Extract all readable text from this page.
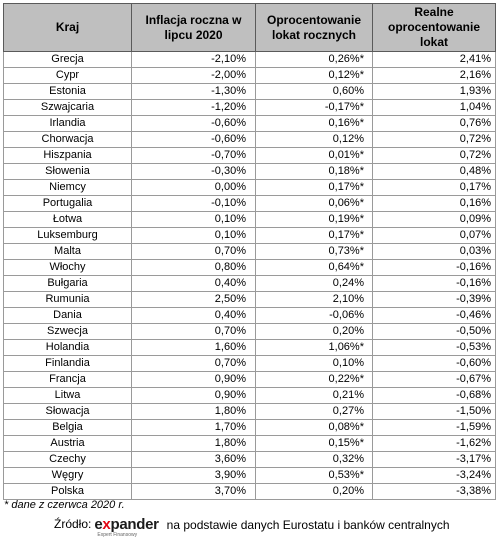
Kraj	Inflacja roczna w lipcu 2020	Oprocentowanie lokat rocznych	Realne oprocentowanie lokat
Grecja	-2,10%	0,26%*	2,41%
Cypr	-2,00%	0,12%*	2,16%
Estonia	-1,30%	0,60%	1,93%
Szwajcaria	-1,20%	-0,17%*	1,04%
Irlandia	-0,60%	0,16%*	0,76%
Chorwacja	-0,60%	0,12%	0,72%
Hiszpania	-0,70%	0,01%*	0,72%
Słowenia	-0,30%	0,18%*	0,48%
Niemcy	0,00%	0,17%*	0,17%
Portugalia	-0,10%	0,06%*	0,16%
Łotwa	0,10%	0,19%*	0,09%
Luksemburg	0,10%	0,17%*	0,07%
Malta	0,70%	0,73%*	0,03%
Włochy	0,80%	0,64%*	-0,16%
Bułgaria	0,40%	0,24%	-0,16%
Rumunia	2,50%	2,10%	-0,39%
Dania	0,40%	-0,06%	-0,46%
Szwecja	0,70%	0,20%	-0,50%
Holandia	1,60%	1,06%*	-0,53%
Finlandia	0,70%	0,10%	-0,60%
Francja	0,90%	0,22%*	-0,67%
Litwa	0,90%	0,21%	-0,68%
Słowacja	1,80%	0,27%	-1,50%
Belgia	1,70%	0,08%*	-1,59%
Austria	1,80%	0,15%*	-1,62%
Czechy	3,60%	0,32%	-3,17%
Węgry	3,90%	0,53%*	-3,24%
Polska	3,70%	0,20%	-3,38%
* dane z czerwca 2020 r.
Źródło: expander
Expert Finansowy
na podstawie danych Eurostatu i banków centralnych
